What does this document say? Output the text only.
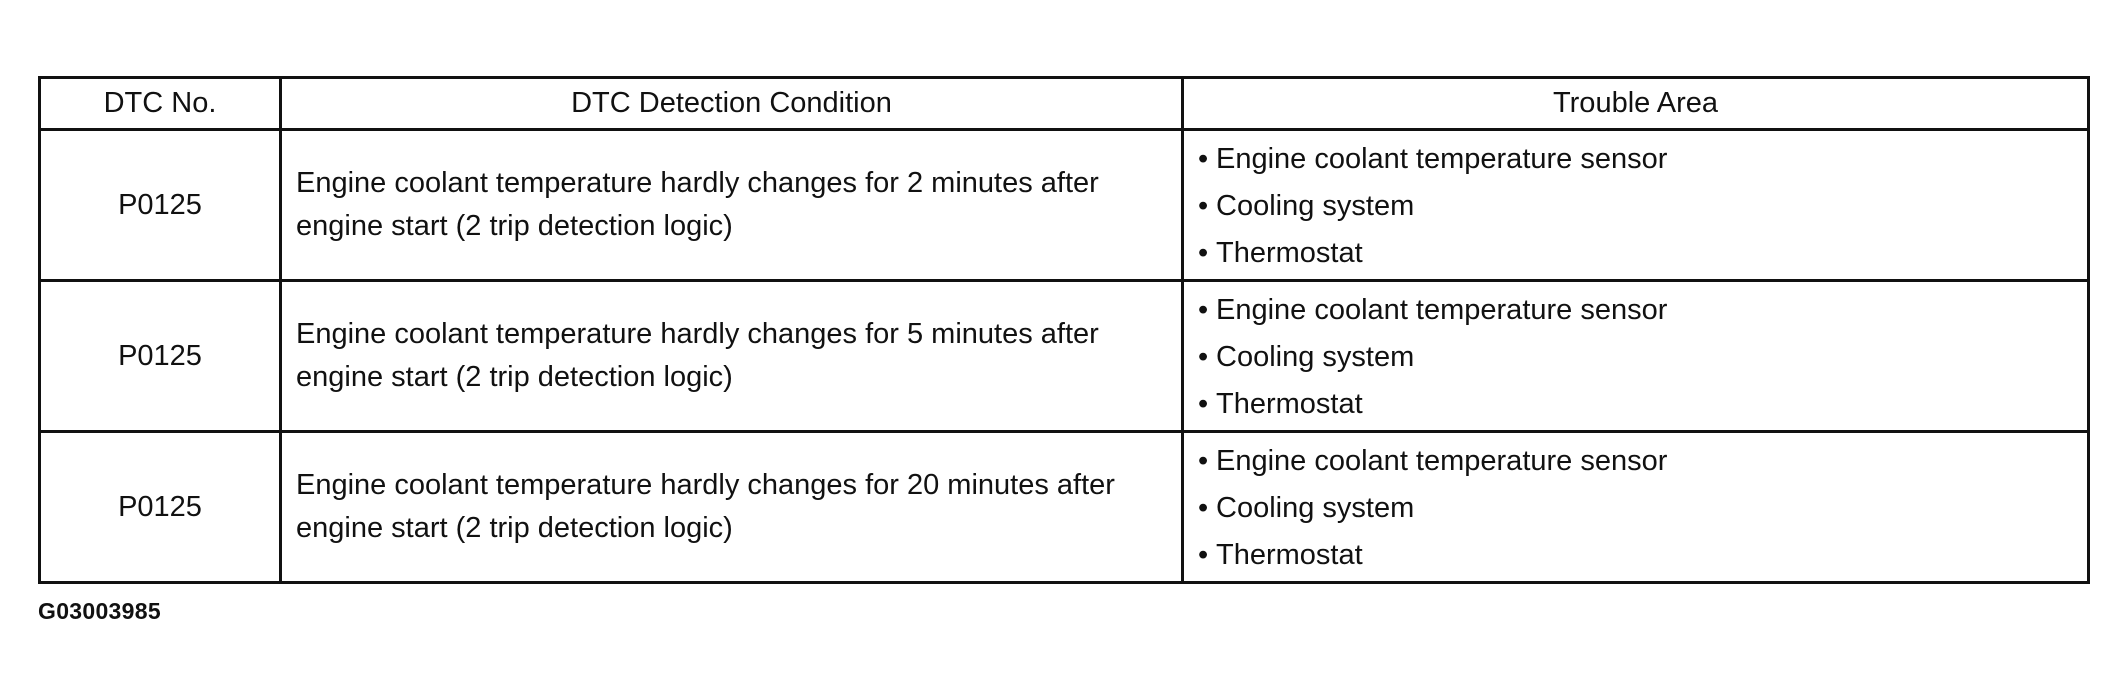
DTC No.	DTC Detection Condition	Trouble Area
P0125	Engine coolant temperature hardly changes for 2 minutes after engine start (2 trip detection logic)	• Engine coolant temperature sensor
• Cooling system
• Thermostat

P0125	Engine coolant temperature hardly changes for 5 minutes after engine start (2 trip detection logic)	• Engine coolant temperature sensor
• Cooling system
• Thermostat

P0125	Engine coolant temperature hardly changes for 20 minutes after engine start (2 trip detection logic)	• Engine coolant temperature sensor
• Cooling system
• Thermostat
G03003985
